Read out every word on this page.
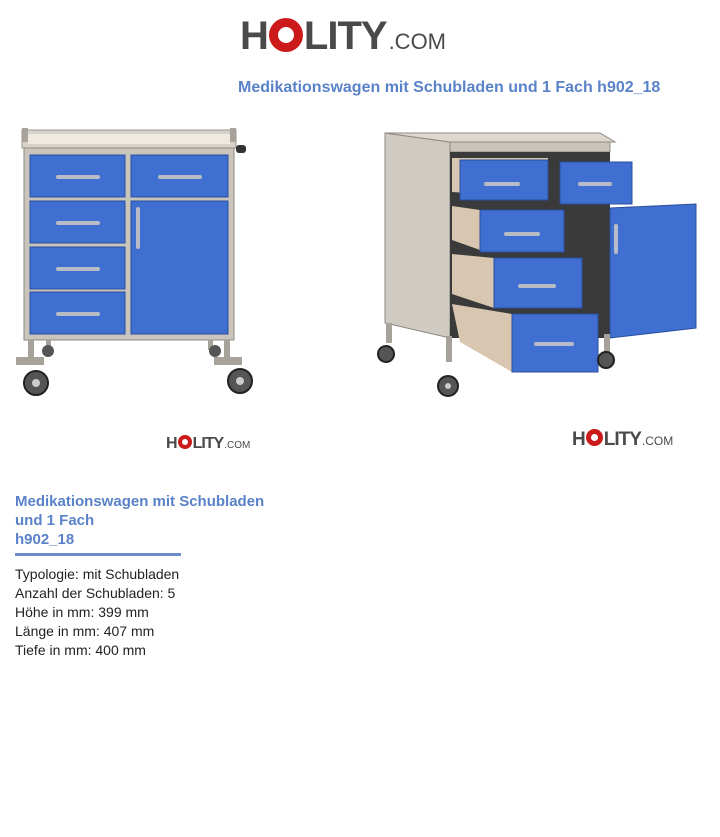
H LITY .COM
Medikationswagen mit Schubladen und 1 Fach h902_18
H LITY .COM	H LITY .COM
Medikationswagen mit Schubladen
und 1 Fach
h902_18
Typologie: mit Schubladen
Anzahl der Schubladen: 5
Höhe in mm: 399 mm
Länge in mm: 407 mm
Tiefe in mm: 400 mm
